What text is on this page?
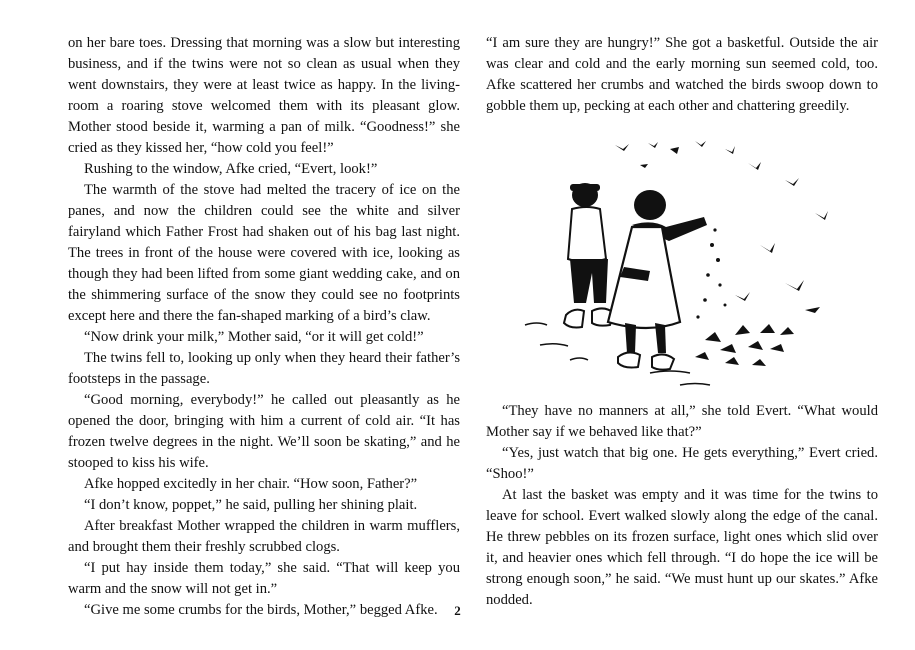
on her bare toes. Dressing that morning was a slow but interesting business, and if the twins were not so clean as usual when they went downstairs, they were at least twice as happy. In the living-room a roaring stove welcomed them with its pleasant glow. Mother stood beside it, warming a pan of milk. “Goodness!” she cried as they kissed her, “how cold you feel!”

Rushing to the window, Afke cried, “Evert, look!”

The warmth of the stove had melted the tracery of ice on the panes, and now the children could see the white and silver fairyland which Father Frost had shaken out of his bag last night. The trees in front of the house were covered with ice, looking as though they had been lifted from some giant wedding cake, and on the shimmering surface of the snow they could see no footprints except here and there the fan-shaped marking of a bird’s claw.

“Now drink your milk,” Mother said, “or it will get cold!”

The twins fell to, looking up only when they heard their father’s footsteps in the passage.

“Good morning, everybody!” he called out pleasantly as he opened the door, bringing with him a current of cold air. “It has frozen twelve degrees in the night. We’ll soon be skating,” and he stooped to kiss his wife.

Afke hopped excitedly in her chair. “How soon, Father?”

“I don’t know, poppet,” he said, pulling her shining plait.

After breakfast Mother wrapped the children in warm mufflers, and brought them their freshly scrubbed clogs.

“I put hay inside them today,” she said. “That will keep you warm and the snow will not get in.”

“Give me some crumbs for the birds, Mother,” begged Afke.

“I am sure they are hungry!” She got a basketful. Outside the air was clear and cold and the early morning sun seemed cold, too. Afke scattered her crumbs and watched the birds swoop down to gobble them up, pecking at each other and chattering greedily.

“They have no manners at all,” she told Evert. “What would Mother say if we behaved like that?”

“Yes, just watch that big one. He gets everything,” Evert cried. “Shoo!”

At last the basket was empty and it was time for the twins to leave for school. Evert walked slowly along the edge of the canal. He threw pebbles on its frozen surface, light ones which slid over it, and heavier ones which fell through. “I do hope the ice will be strong enough soon,” he said. “We must hunt up our skates.” Afke nodded.

2
